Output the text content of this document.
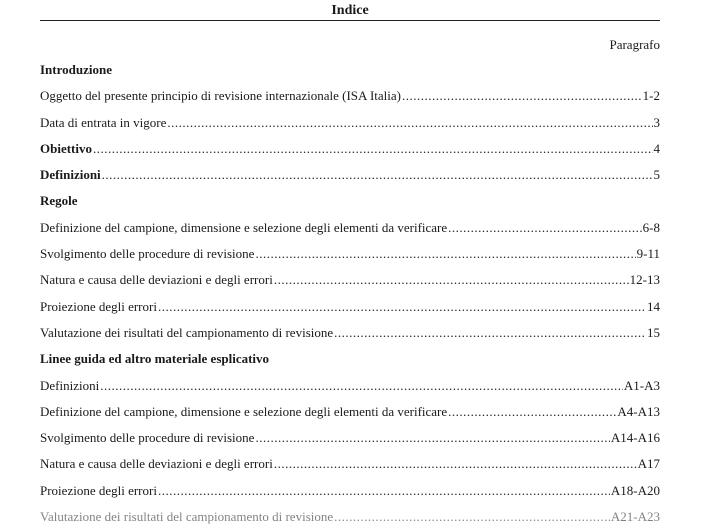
Indice
Paragrafo
Introduzione
Oggetto del presente principio di revisione internazionale (ISA Italia) .....	1-2
Data di entrata in vigore .....	3
Obiettivo .....	4
Definizioni .....	5
Regole
Definizione del campione, dimensione e selezione degli elementi da verificare .....	6-8
Svolgimento delle procedure di revisione .....	9-11
Natura e causa delle deviazioni e degli errori .....	12-13
Proiezione degli errori .....	14
Valutazione dei risultati del campionamento di revisione .....	15
Linee guida ed altro materiale esplicativo
Definizioni .....	A1-A3
Definizione del campione, dimensione e selezione degli elementi da verificare .....	A4-A13
Svolgimento delle procedure di revisione .....	A14-A16
Natura e causa delle deviazioni e degli errori .....	A17
Proiezione degli errori .....	A18-A20
Valutazione dei risultati del campionamento di revisione .....	A21-A23
